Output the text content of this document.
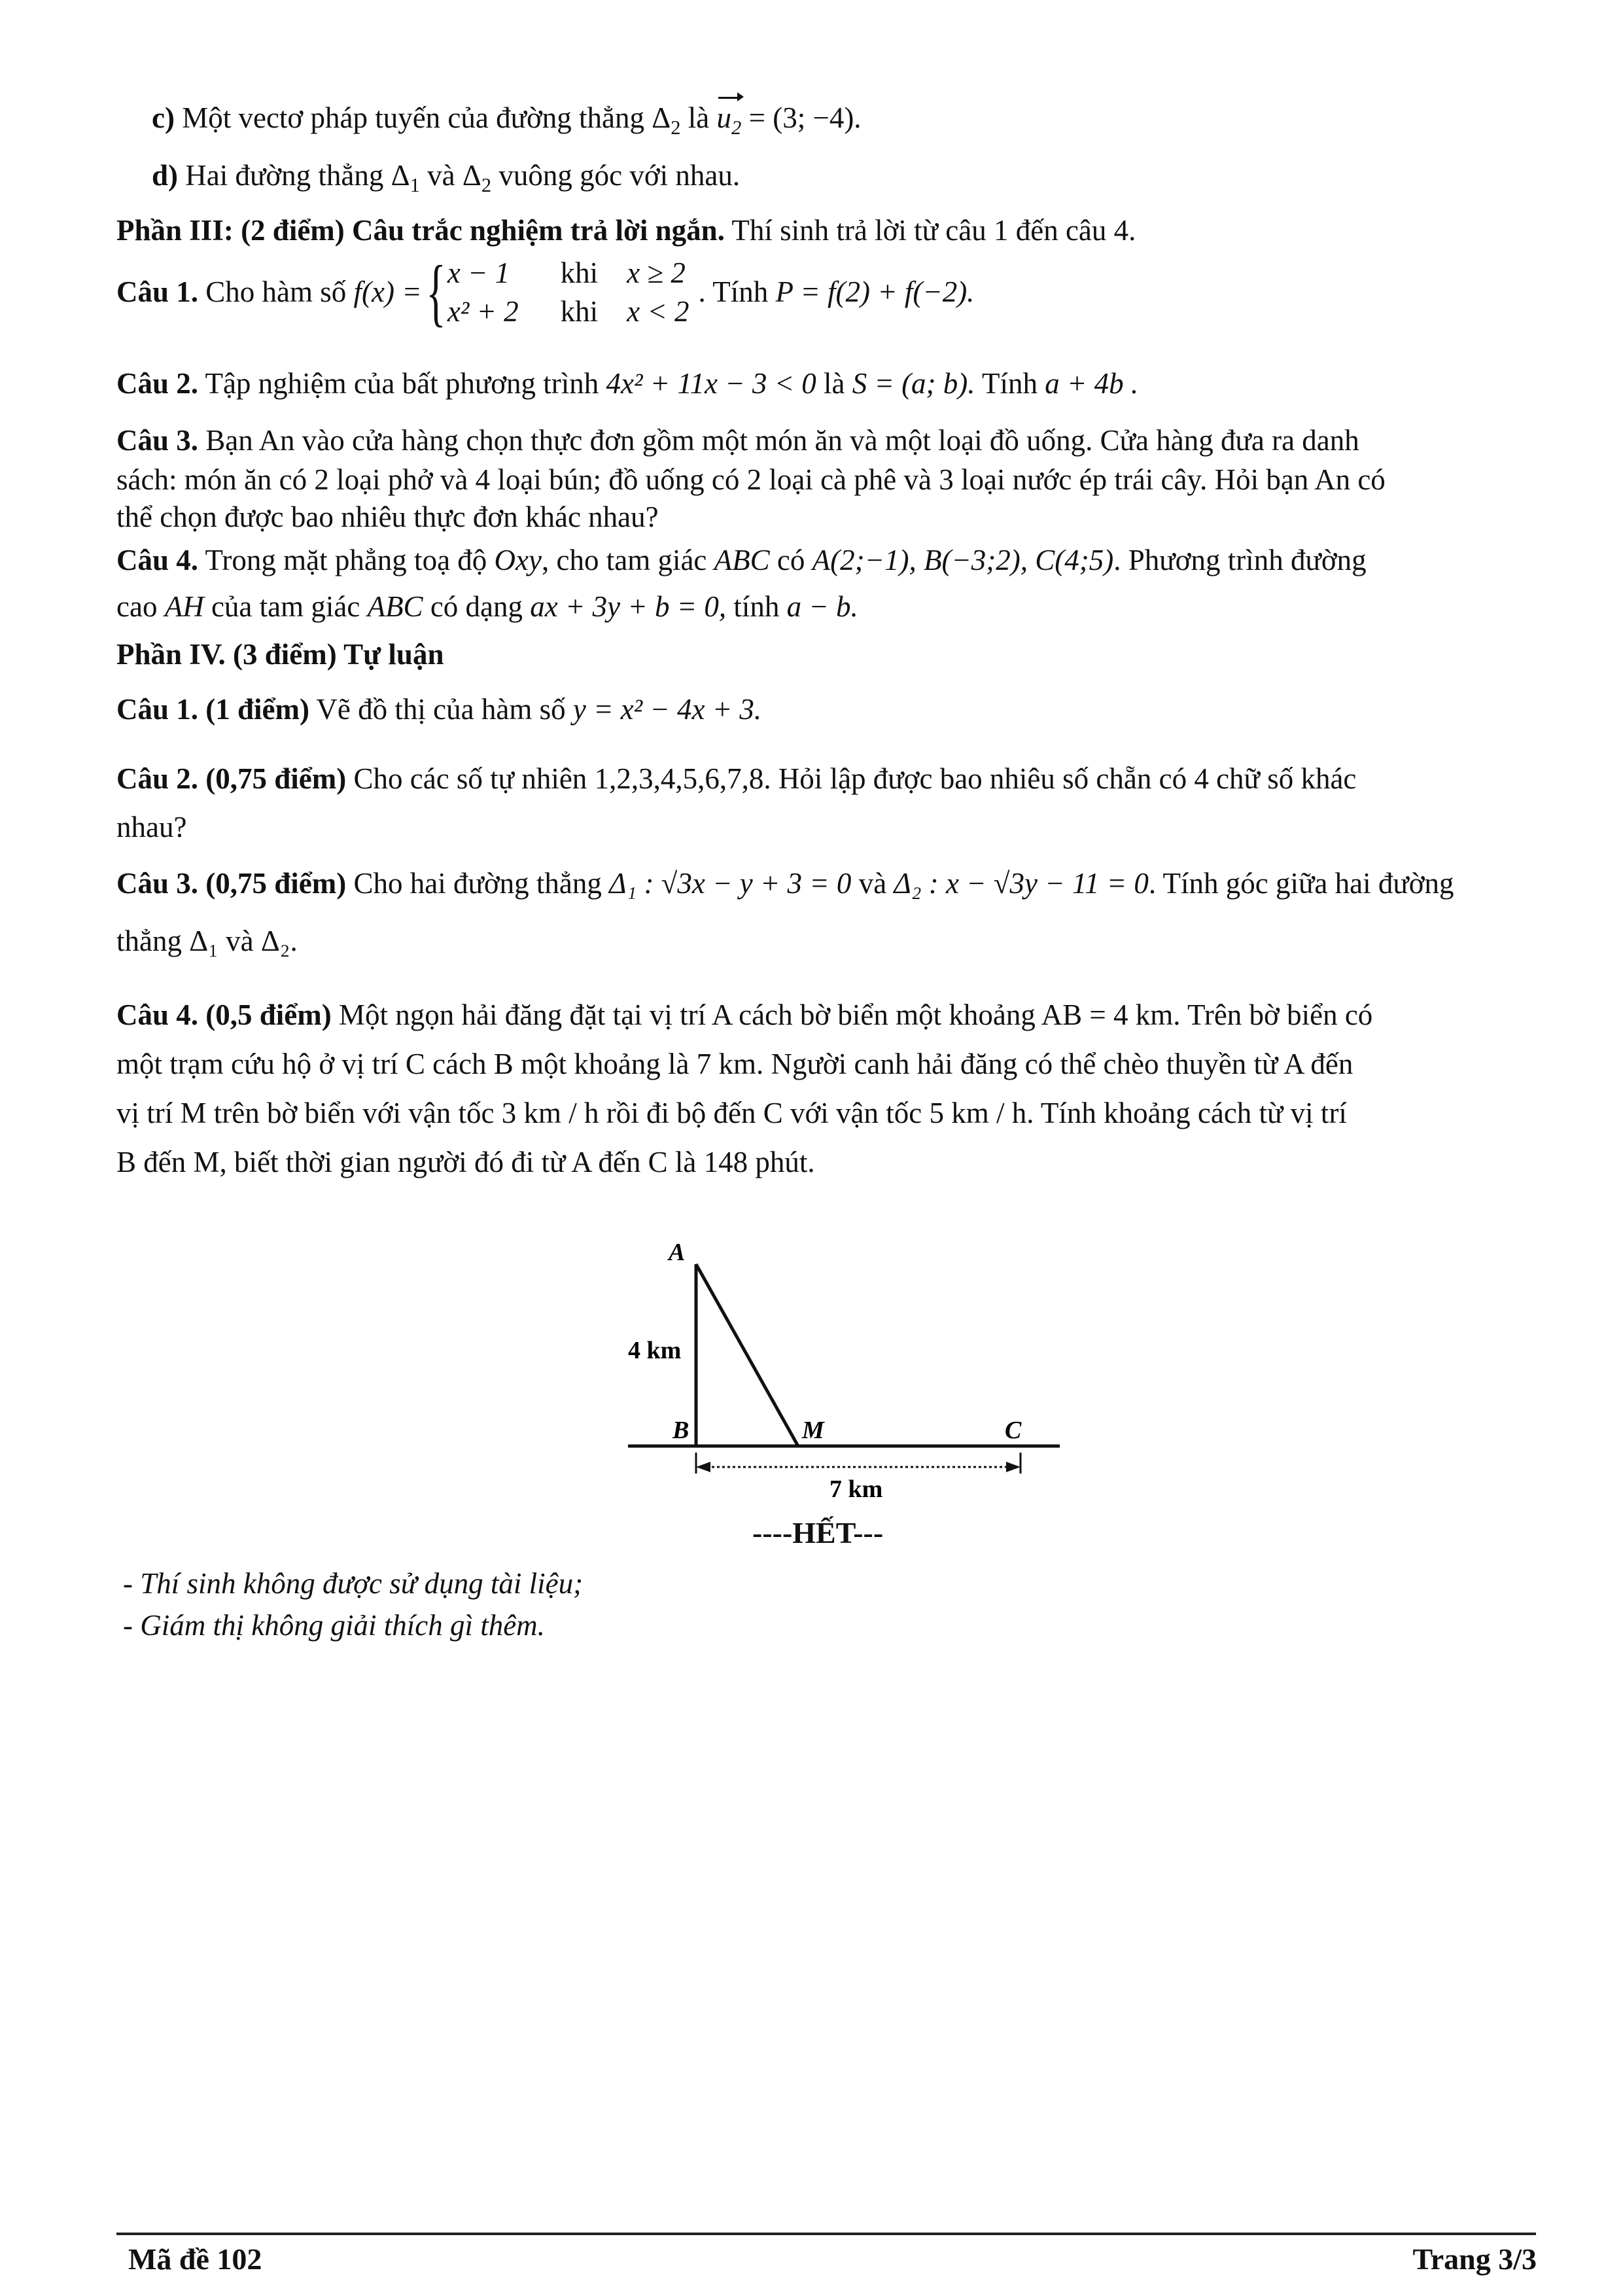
c) Một vectơ pháp tuyến của đường thẳng $\Delta_2$ là $u_2 = (3$; −4).
d) Hai đường thẳng $\Delta_1$ và $\Delta_2$ vuông góc với nhau.
Phần III: (2 điểm) Câu trắc nghiệm trả lời ngắn. Thí sinh trả lời từ câu 1 đến câu 4.
Câu 1. Cho hàm số f(x) ={ x − 1	khi	x ≥ 2
x² + 2	khi	x < 2. Tính P = f(2) + f(−2).
Câu 2. Tập nghiệm của bất phương trình 4x² + 11x − 3 < 0 là S = (a; b). Tính a + 4b .
Câu 3. Bạn An vào cửa hàng chọn thực đơn gồm một món ăn và một loại đồ uống. Cửa hàng đưa ra danh
sách: món ăn có 2 loại phở và 4 loại bún; đồ uống có 2 loại cà phê và 3 loại nước ép trái cây. Hỏi bạn An có
thể chọn được bao nhiêu thực đơn khác nhau?
Câu 4. Trong mặt phẳng toạ độ Oxy, cho tam giác ABC có A(2;−1), B(−3;2), C(4;5). Phương trình đường
cao AH của tam giác ABC có dạng ax + 3y + b = 0, tính a − b.
Phần IV. (3 điểm) Tự luận
Câu 1. (1 điểm) Vẽ đồ thị của hàm số y = x² − 4x + 3.
Câu 2. (0,75 điểm) Cho các số tự nhiên 1,2,3,4,5,6,7,8. Hỏi lập được bao nhiêu số chẵn có 4 chữ số khác
nhau?
Câu 3. (0,75 điểm) Cho hai đường thẳng Δ₁ : √3x − y + 3 = 0 và Δ₂ : x − √3y − 11 = 0. Tính góc giữa hai đường
thẳng Δ₁ và Δ₂.
Câu 4. (0,5 điểm) Một ngọn hải đăng đặt tại vị trí A cách bờ biển một khoảng AB = 4 km. Trên bờ biển có
một trạm cứu hộ ở vị trí C cách B một khoảng là 7 km. Người canh hải đăng có thể chèo thuyền từ A đến
vị trí M trên bờ biển với vận tốc 3 km / h rồi đi bộ đến C với vận tốc 5 km / h. Tính khoảng cách từ vị trí
B đến M, biết thời gian người đó đi từ A đến C là 148 phút.
A
4 km
B	M	C
7 km
----HẾT---
- Thí sinh không được sử dụng tài liệu;
- Giám thị không giải thích gì thêm.
Mã đề 102	Trang 3/3
